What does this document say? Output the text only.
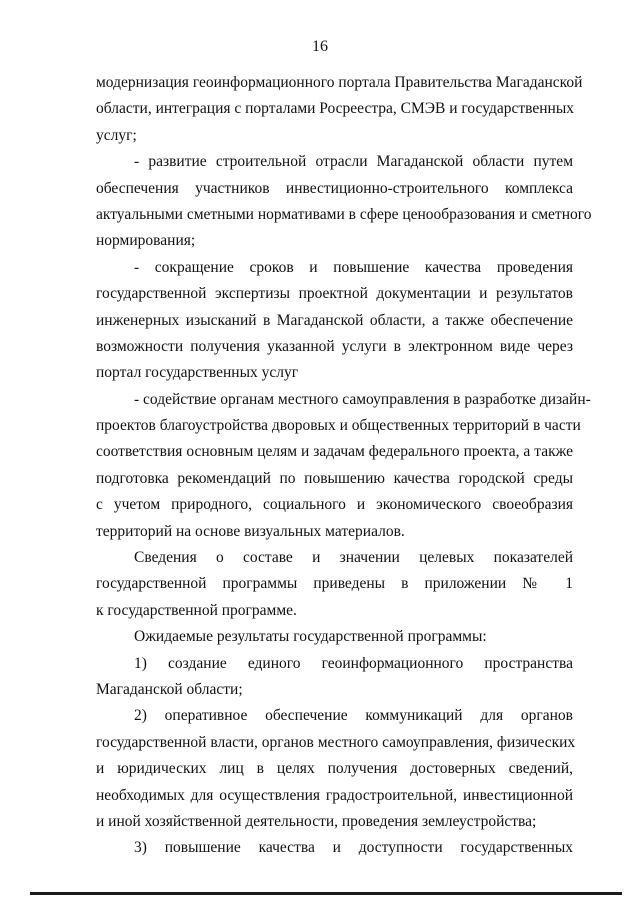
16
модернизация геоинформационного портала Правительства Магаданской
области, интеграция с порталами Росреестра, СМЭВ и государственных
услуг;
- развитие строительной отрасли Магаданской области путем
обеспечения участников инвестиционно-строительного комплекса
актуальными сметными нормативами в сфере ценообразования и сметного
нормирования;
- сокращение сроков и повышение качества проведения
государственной экспертизы проектной документации и результатов
инженерных изысканий в Магаданской области, а также обеспечение
возможности получения указанной услуги в электронном виде через
портал государственных услуг
- содействие органам местного самоуправления в разработке дизайн-
проектов благоустройства дворовых и общественных территорий в части
соответствия основным целям и задачам федерального проекта, а также
подготовка рекомендаций по повышению качества городской среды
с учетом природного, социального и экономического своеобразия
территорий на основе визуальных материалов.
Сведения о составе и значении целевых показателей
государственной программы приведены в приложении № 1
к государственной программе.
Ожидаемые результаты государственной программы:
1) создание единого геоинформационного пространства
Магаданской области;
2) оперативное обеспечение коммуникаций для органов
государственной власти, органов местного самоуправления, физических
и юридических лиц в целях получения достоверных сведений,
необходимых для осуществления градостроительной, инвестиционной
и иной хозяйственной деятельности, проведения землеустройства;
3) повышение качества и доступности государственных
